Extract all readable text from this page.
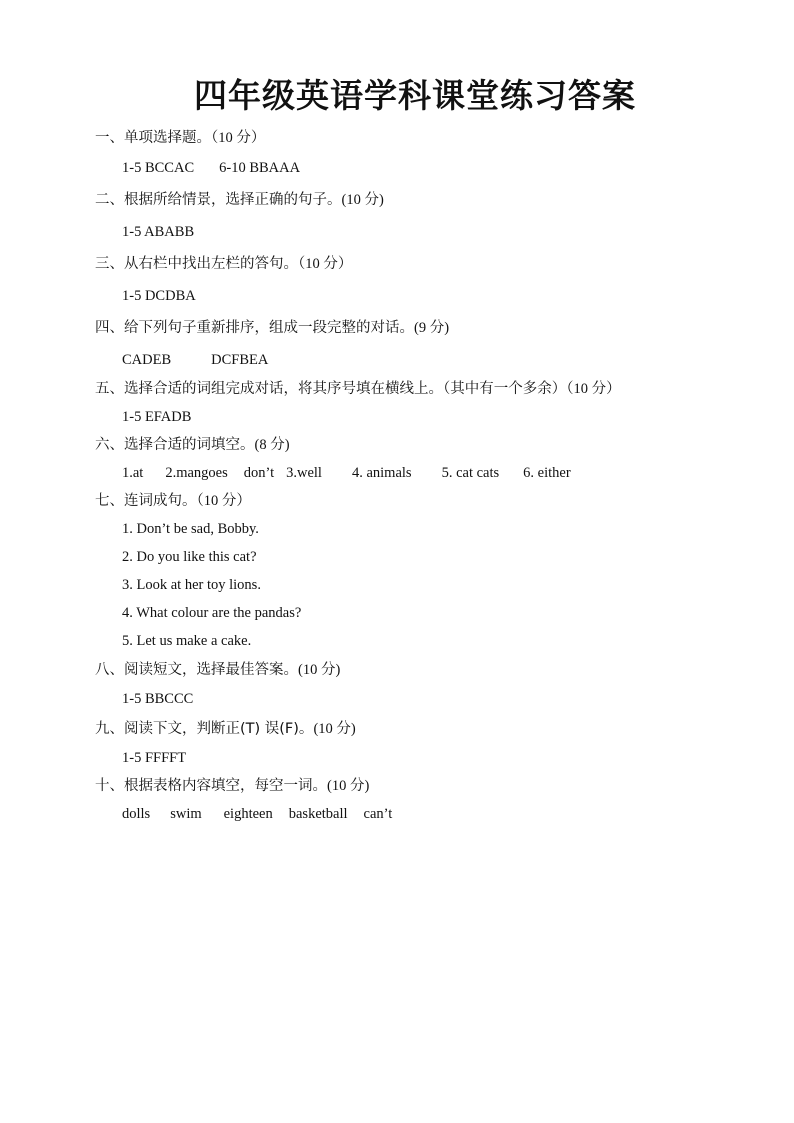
四年级英语学科课堂练习答案
一、单项选择题。（10 分）
1-5 BCCAC 6-10 BBAAA
二、根据所给情景，选择正确的句子。(10 分)
1-5 ABABB
三、从右栏中找出左栏的答句。（10 分）
1-5 DCDBA
四、给下列句子重新排序，组成一段完整的对话。(9 分)
CADEB	DCFBEA
五、选择合适的词组完成对话，将其序号填在横线上。（其中有一个多余）（10 分）
1-5 EFADB
六、选择合适的词填空。(8 分)
1.at 2.mangoes don’t 3.well 4. animals 5. cat cats 6. either
七、连词成句。（10 分）
1. Don’t be sad, Bobby.
2. Do you like this cat?
3. Look at her toy lions.
4. What colour are the pandas?
5. Let us make a cake.
八、阅读短文，选择最佳答案。(10 分)
1-5 BBCCC
九、阅读下文，判断正(T) 误(F)。(10 分)
1-5 FFFFT
十、根据表格内容填空，每空一词。(10 分)
dolls swim eighteen basketball can’t
